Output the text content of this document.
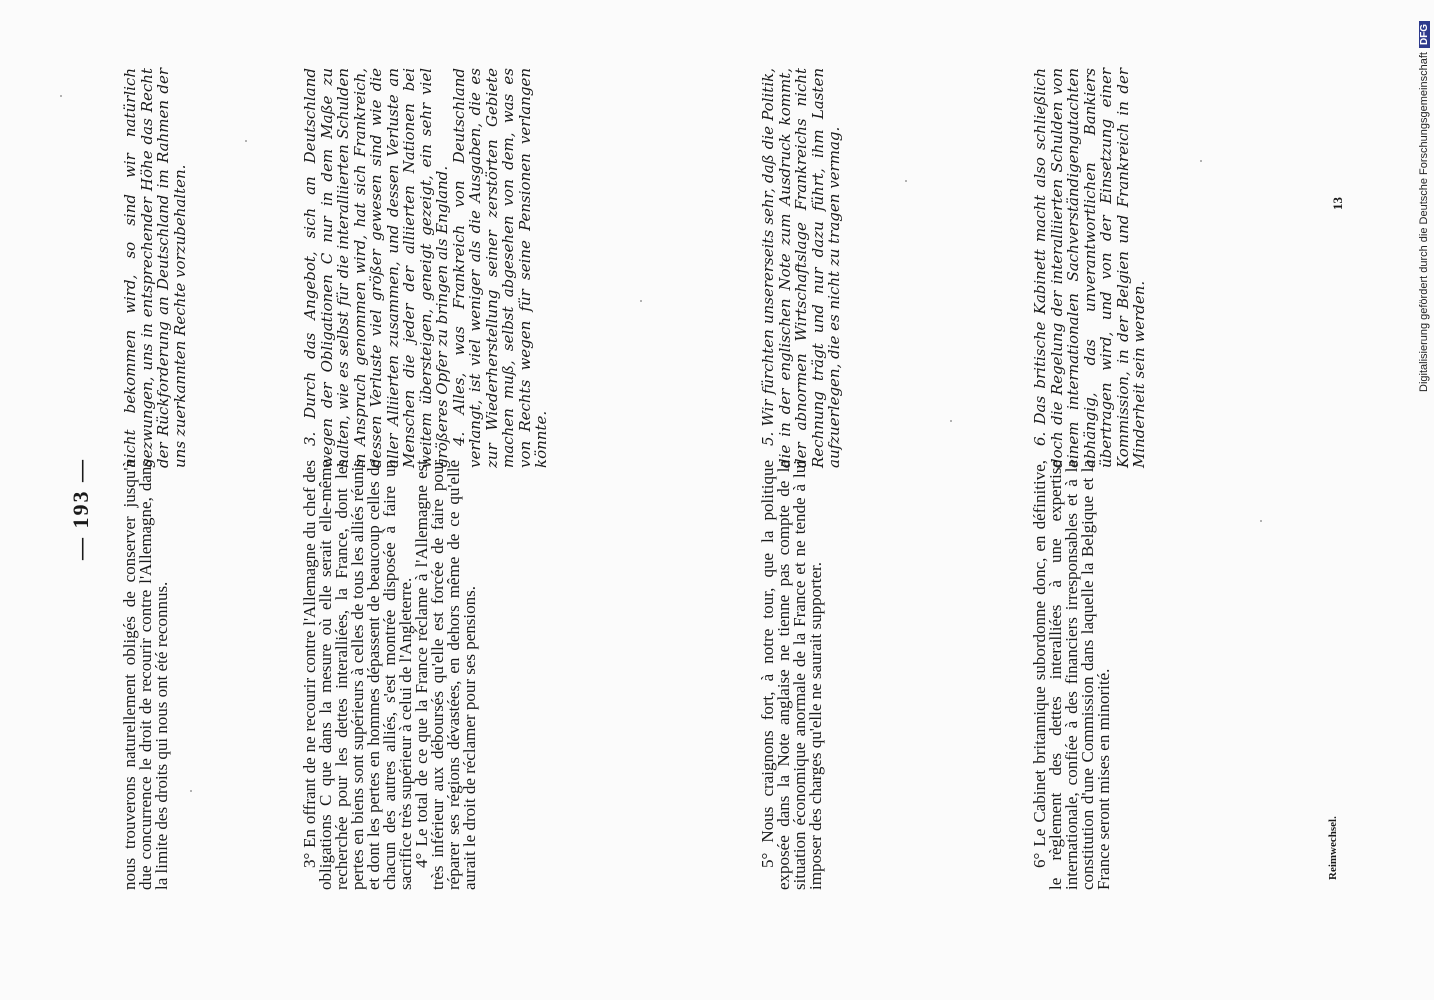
— 193 — nous trouverons naturellement obligés de conserver jusqu'à due concurrence le droit de recourir contre l'Allemagne, dans la limite des droits qui nous ont été reconnus.

nicht bekommen wird, so sind wir natürlich gezwungen, uns in entsprechender Höhe das Recht der Rückforderung an Deutschland im Rahmen der uns zuerkannten Rechte vorzubehalten.

3° En offrant de ne recourir contre l'Allemagne du chef des obligations C que dans la mesure où elle serait elle-même recherchée pour les dettes interalliées, la France, dont les pertes en biens sont supérieurs à celles de tous les alliés réunis et dont les pertes en hommes dépassent de beaucoup celles de chacun des autres alliés, s'est montrée disposée à faire un sacrifice très supérieur à celui de l'Angleterre.

4° Le total de ce que la France réclame à l'Allemagne est très inférieur aux déboursés qu'elle est forcée de faire pour réparer ses régions dévastées, en dehors même de ce qu'elle aurait le droit de réclamer pour ses pensions.

3. Durch das Angebot, sich an Deutschland wegen der Obligationen C nur in dem Maße zu halten, wie es selbst für die interalliierten Schulden in Anspruch genommen wird, hat sich Frankreich, dessen Verluste viel größer gewesen sind wie die aller Alliierten zusammen, und dessen Verluste an Menschen die jeder der alliierten Nationen bei weitem übersteigen, geneigt gezeigt, ein sehr viel größeres Opfer zu bringen als England.

4. Alles, was Frankreich von Deutschland verlangt, ist viel weniger als die Ausgaben, die es zur Wiederherstellung seiner zerstörten Gebiete machen muß, selbst abgesehen von dem, was es von Rechts wegen für seine Pensionen verlangen könnte.

5° Nous craignons fort, à notre tour, que la politique exposée dans la Note anglaise ne tienne pas compte de la situation économique anormale de la France et ne tende à lui imposer des charges qu'elle ne saurait supporter.

5. Wir fürchten unsererseits sehr, daß die Politik, die in der englischen Note zum Ausdruck kommt, der abnormen Wirtschaftslage Frankreichs nicht Rechnung trägt und nur dazu führt, ihm Lasten aufzuerlegen, die es nicht zu tragen vermag.

6° Le Cabinet britannique subordonne donc, en définitive, le règlement des dettes interalliées à une expertise internationale, confiée à des financiers irresponsables et à la constitution d'une Commission dans laquelle la Belgique et la France seront mises en minorité.

6. Das britische Kabinett macht also schließlich doch die Regelung der interalliierten Schulden von einem internationalen Sachverständigengutachten abhängig, das unverantwortlichen Bankiers übertragen wird, und von der Einsetzung einer Kommission, in der Belgien und Frankreich in der Minderheit sein werden.

Reimwechsel.
13	Digitalisierung gefördert durch die Deutsche ForschungsgemeinschaftDFG
